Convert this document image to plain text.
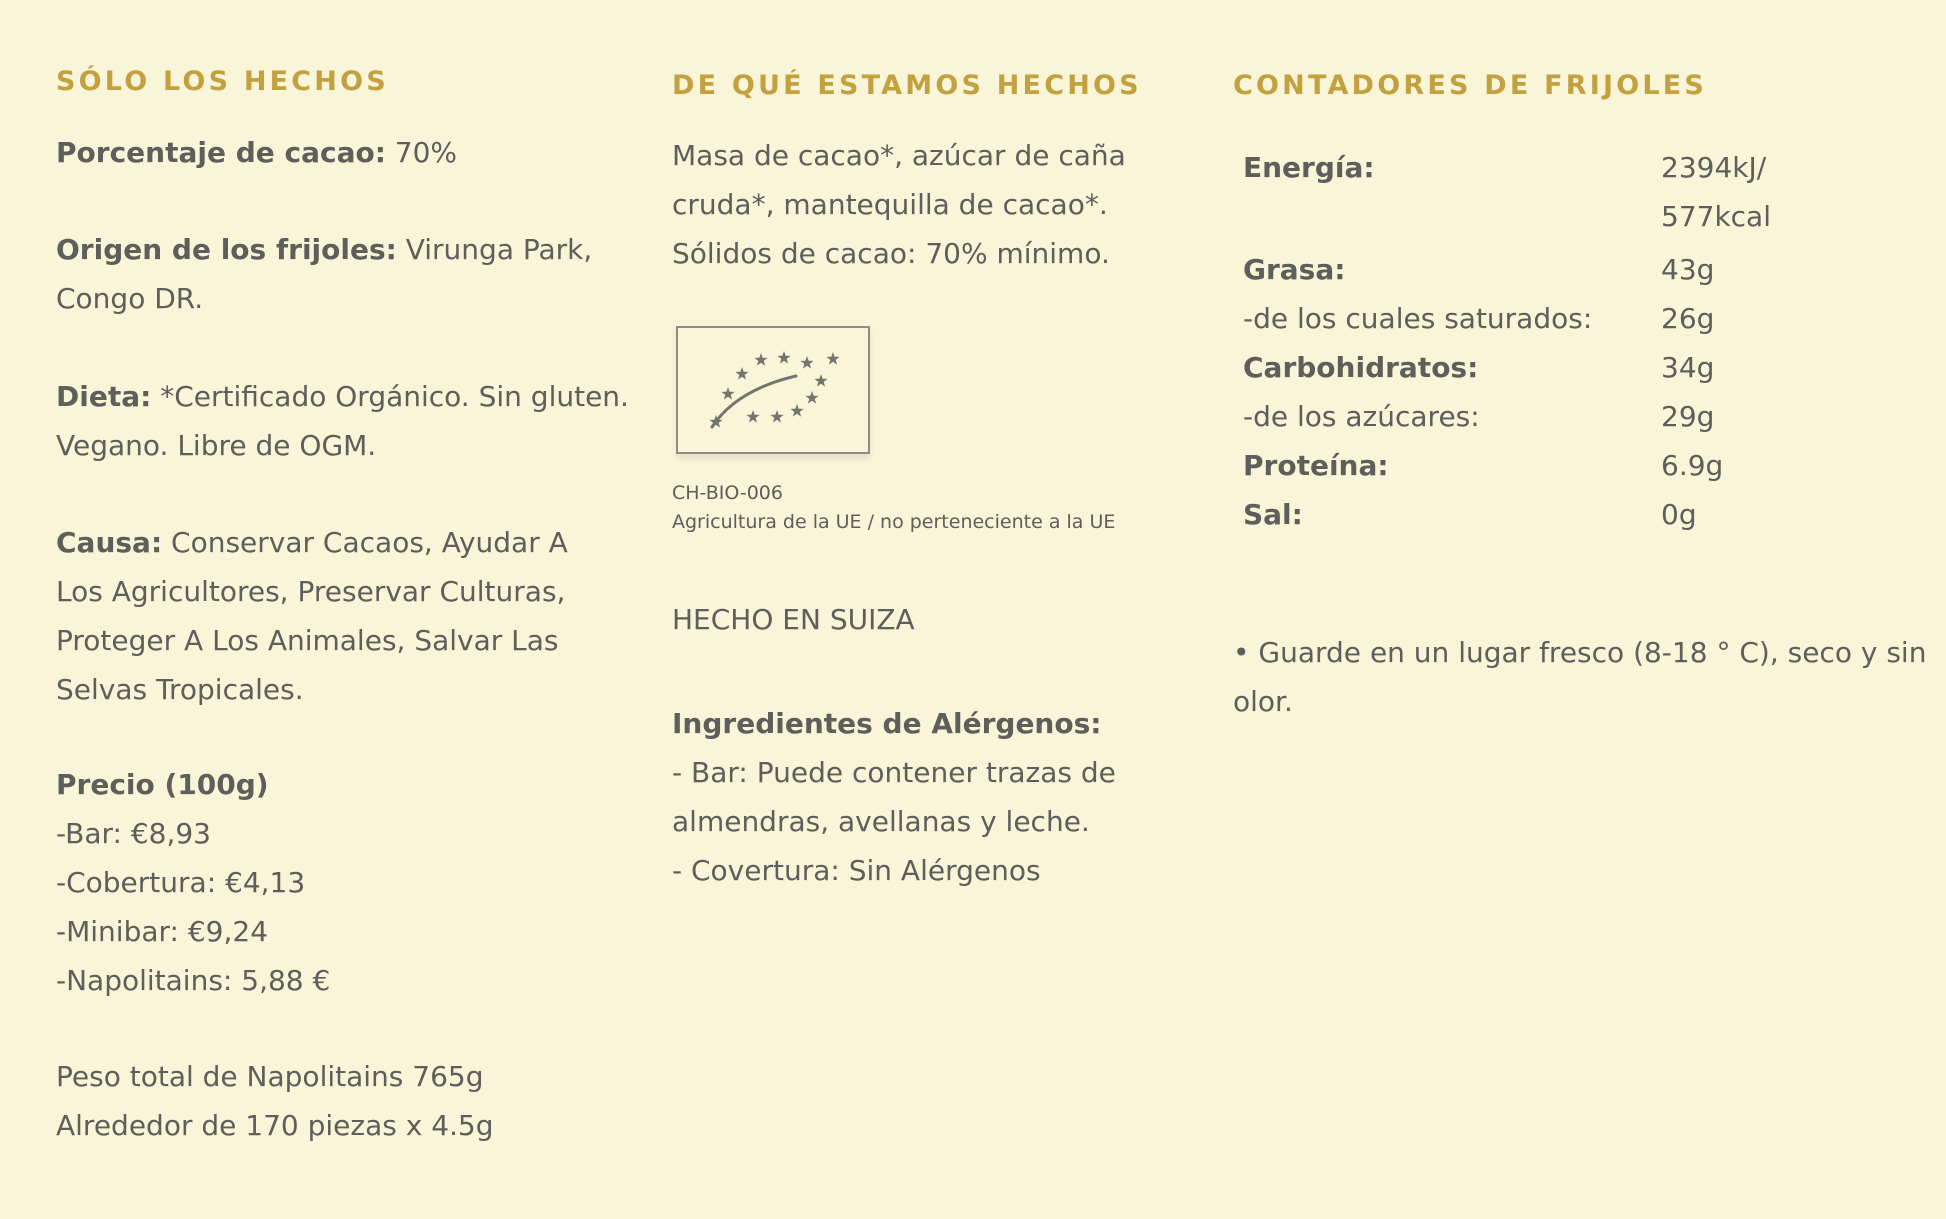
SÓLO LOS HECHOS

Porcentaje de cacao: 70%

Origen de los frijoles: Virunga Park,
Congo DR.

Dieta: *Certificado Orgánico. Sin gluten.
Vegano. Libre de OGM.

Causa: Conservar Cacaos, Ayudar A
Los Agricultores, Preservar Culturas,
Proteger A Los Animales, Salvar Las
Selvas Tropicales.

Precio (100g)
-Bar: €8,93
-Cobertura: €4,13
-Minibar: €9,24
-Napolitains: 5,88 €

Peso total de Napolitains 765g
Alrededor de 170 piezas x 4.5g

DE QUÉ ESTAMOS HECHOS

Masa de cacao*, azúcar de caña
cruda*, mantequilla de cacao*.
Sólidos de cacao: 70% mínimo.

CH-BIO-006
Agricultura de la UE / no perteneciente a la UE

HECHO EN SUIZA

Ingredientes de Alérgenos:
- Bar: Puede contener trazas de
almendras, avellanas y leche.
- Covertura: Sin Alérgenos

CONTADORES DE FRIJOLES
Energía:	2394kJ/
577kcal

Grasa:	43g
-de los cuales saturados:	26g
Carbohidratos:	34g
-de los azúcares:	29g
Proteína:	6.9g
Sal:	0g

• Guarde en un lugar fresco (8-18 ° C), seco y sin
olor.
